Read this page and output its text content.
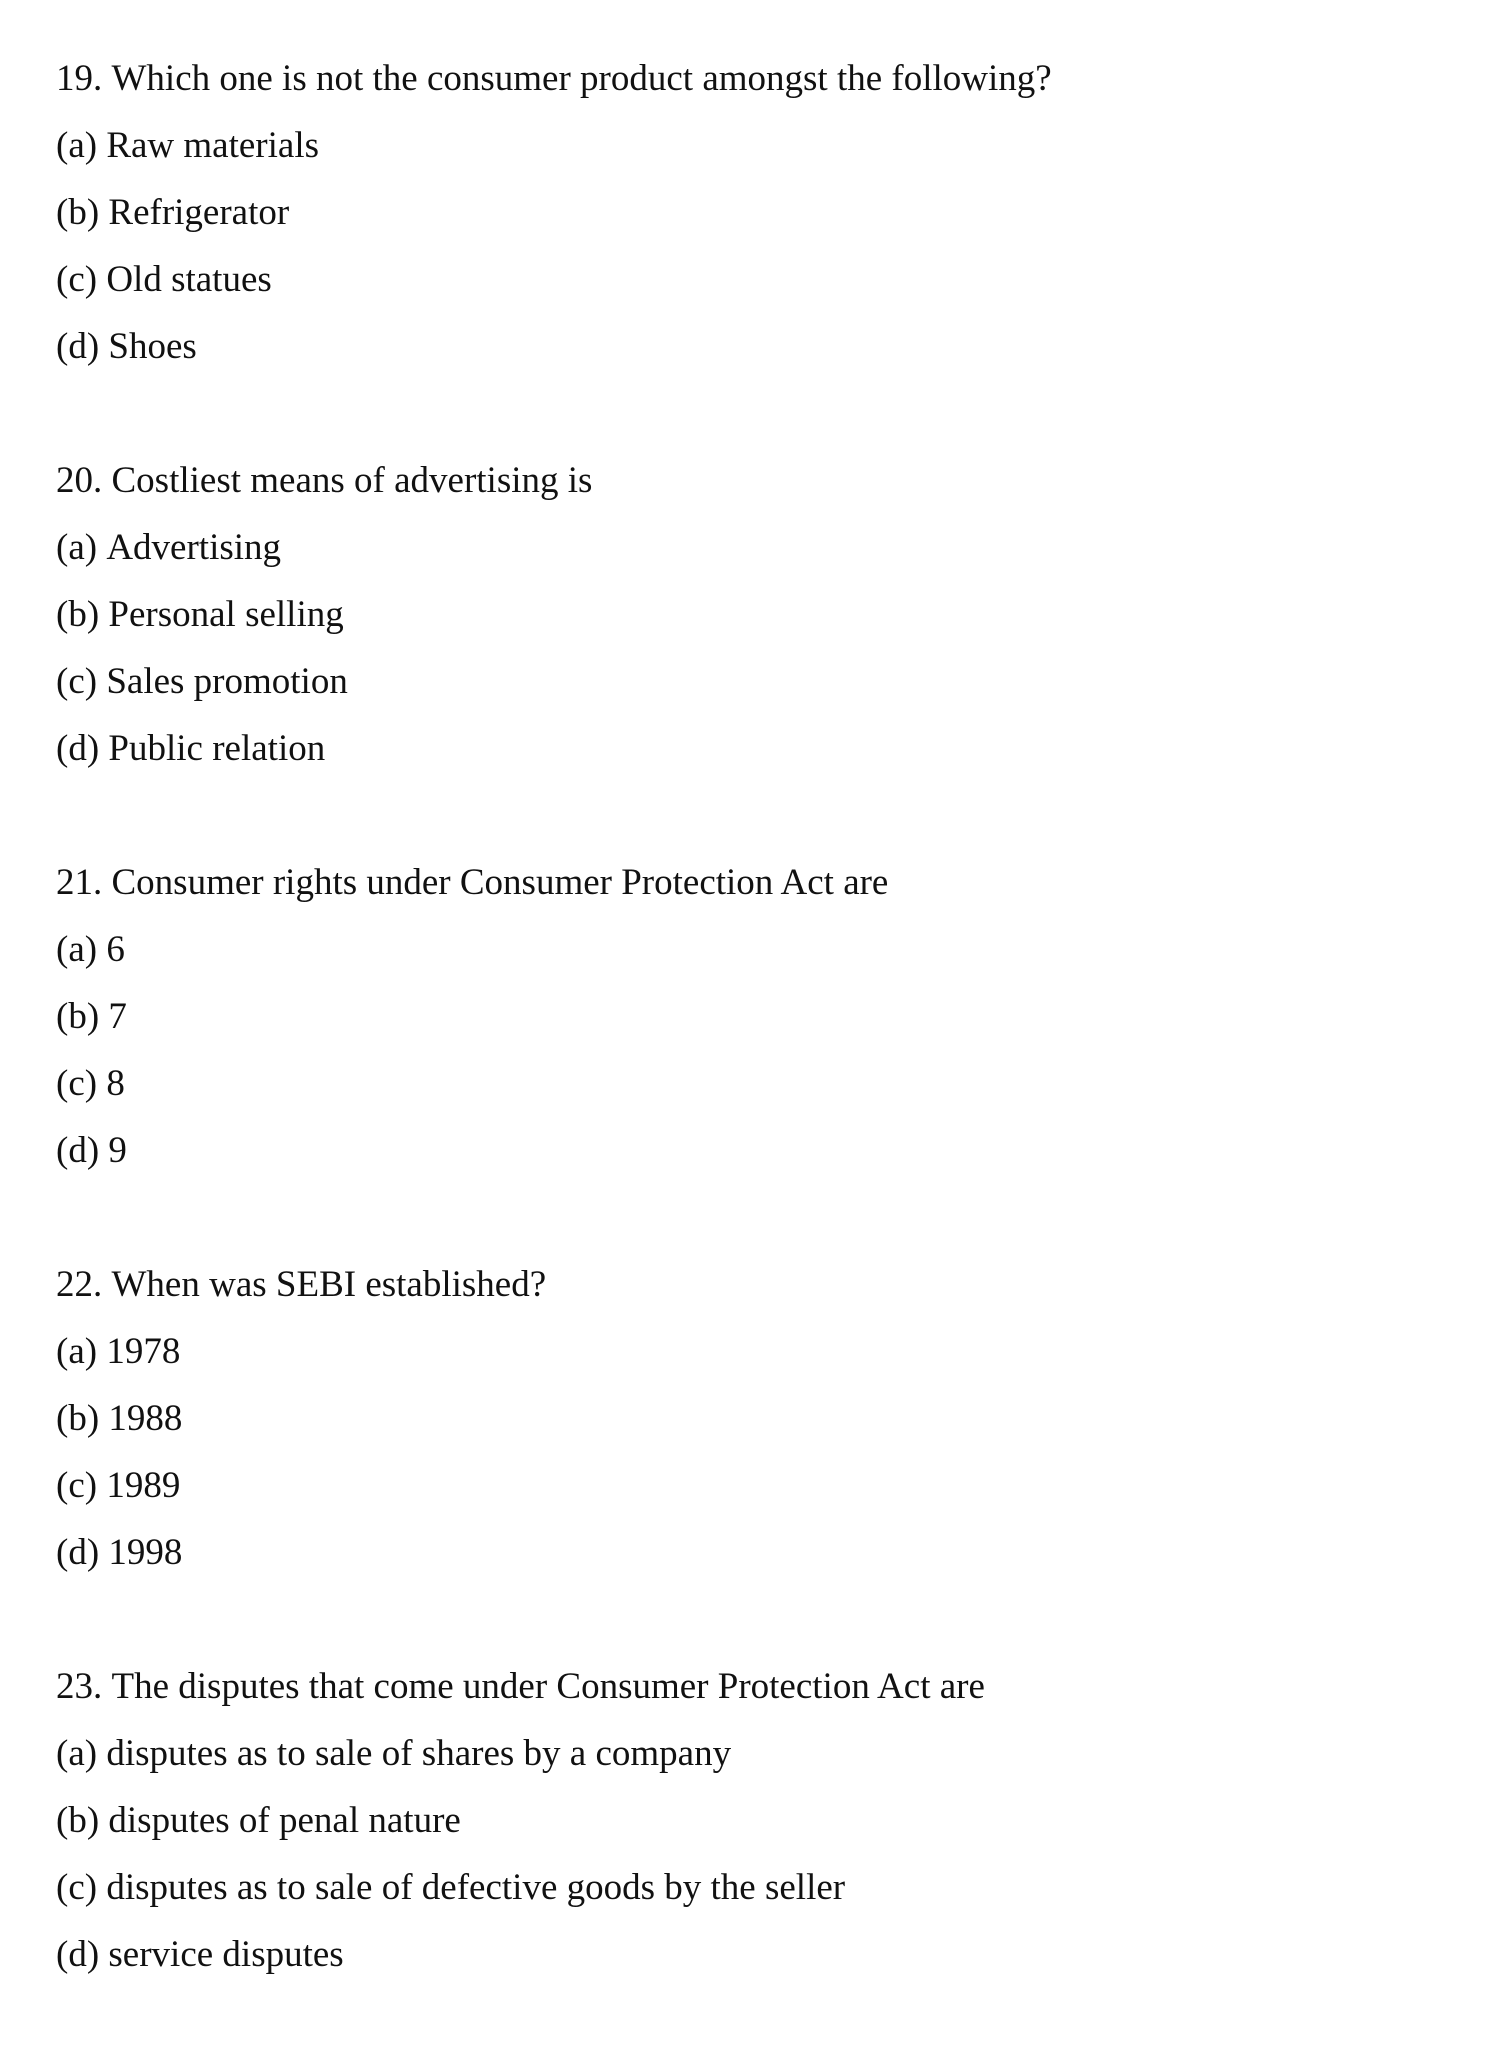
19. Which one is not the consumer product amongst the following?
(a) Raw materials
(b) Refrigerator
(c) Old statues
(d) Shoes
20. Costliest means of advertising is
(a) Advertising
(b) Personal selling
(c) Sales promotion
(d) Public relation
21. Consumer rights under Consumer Protection Act are
(a) 6
(b) 7
(c) 8
(d) 9
22. When was SEBI established?
(a) 1978
(b) 1988
(c) 1989
(d) 1998
23. The disputes that come under Consumer Protection Act are
(a) disputes as to sale of shares by a company
(b) disputes of penal nature
(c) disputes as to sale of defective goods by the seller
(d) service disputes
